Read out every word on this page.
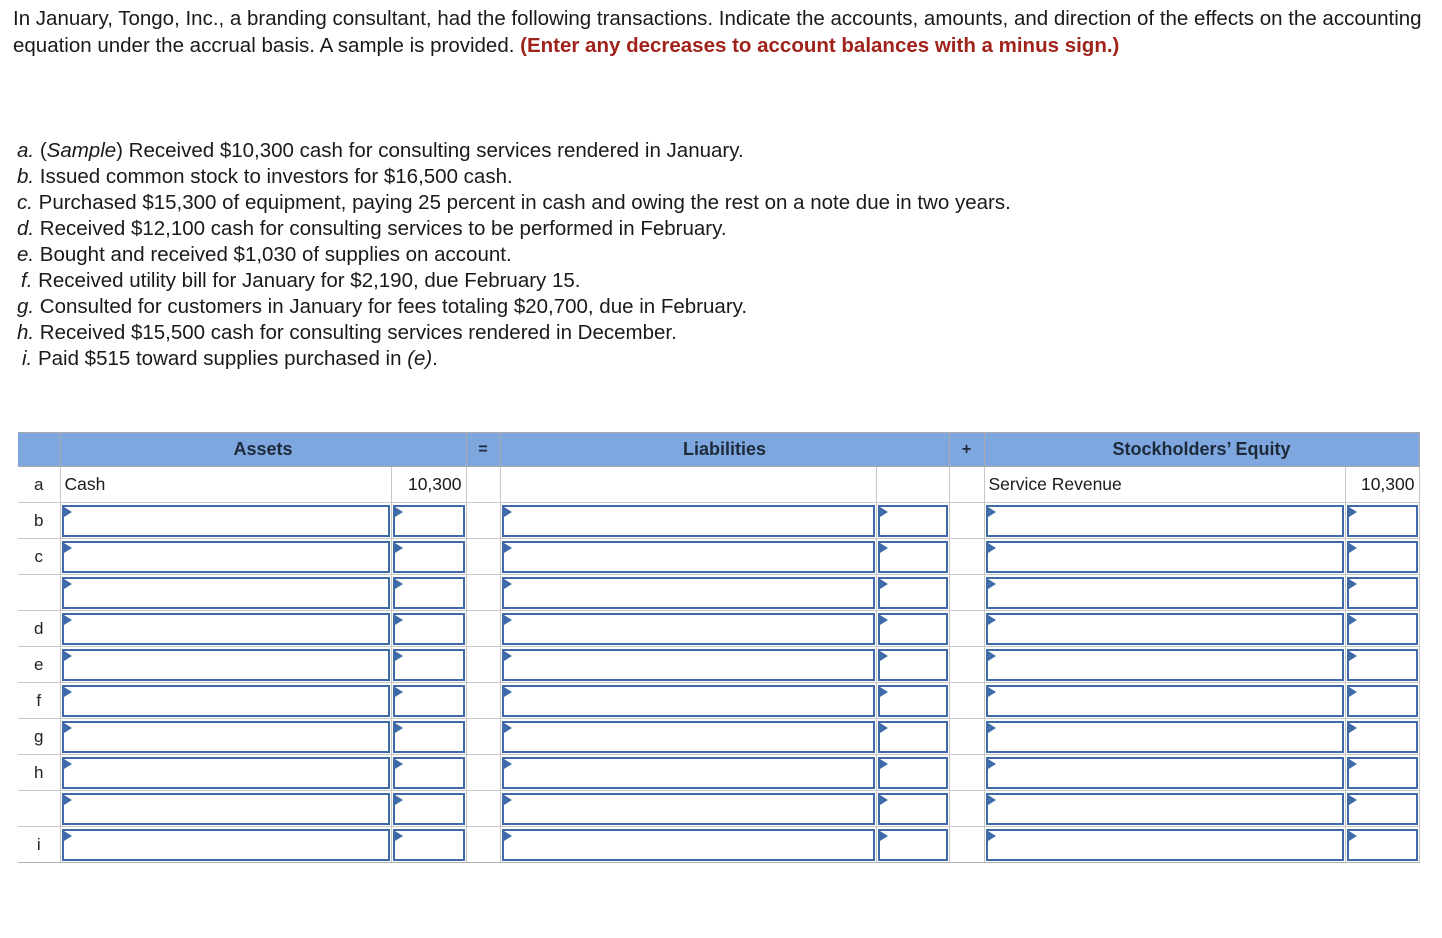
In January, Tongo, Inc., a branding consultant, had the following transactions. Indicate the accounts, amounts, and direction of the effects on the accounting equation under the accrual basis. A sample is provided. (Enter any decreases to account balances with a minus sign.)
a. (Sample) Received $10,300 cash for consulting services rendered in January.
b. Issued common stock to investors for $16,500 cash.
c. Purchased $15,300 of equipment, paying 25 percent in cash and owing the rest on a note due in two years.
d. Received $12,100 cash for consulting services to be performed in February.
e. Bought and received $1,030 of supplies on account.
f. Received utility bill for January for $2,190, due February 15.
g. Consulted for customers in January for fees totaling $20,700, due in February.
h. Received $15,500 cash for consulting services rendered in December.
i. Paid $515 toward supplies purchased in (e).
	Assets		=	Liabilities		+	Stockholders’ Equity	
a	Cash	10,300					Service Revenue	10,300
b	

c	

d	

e	

f	

g	

h	

i	
